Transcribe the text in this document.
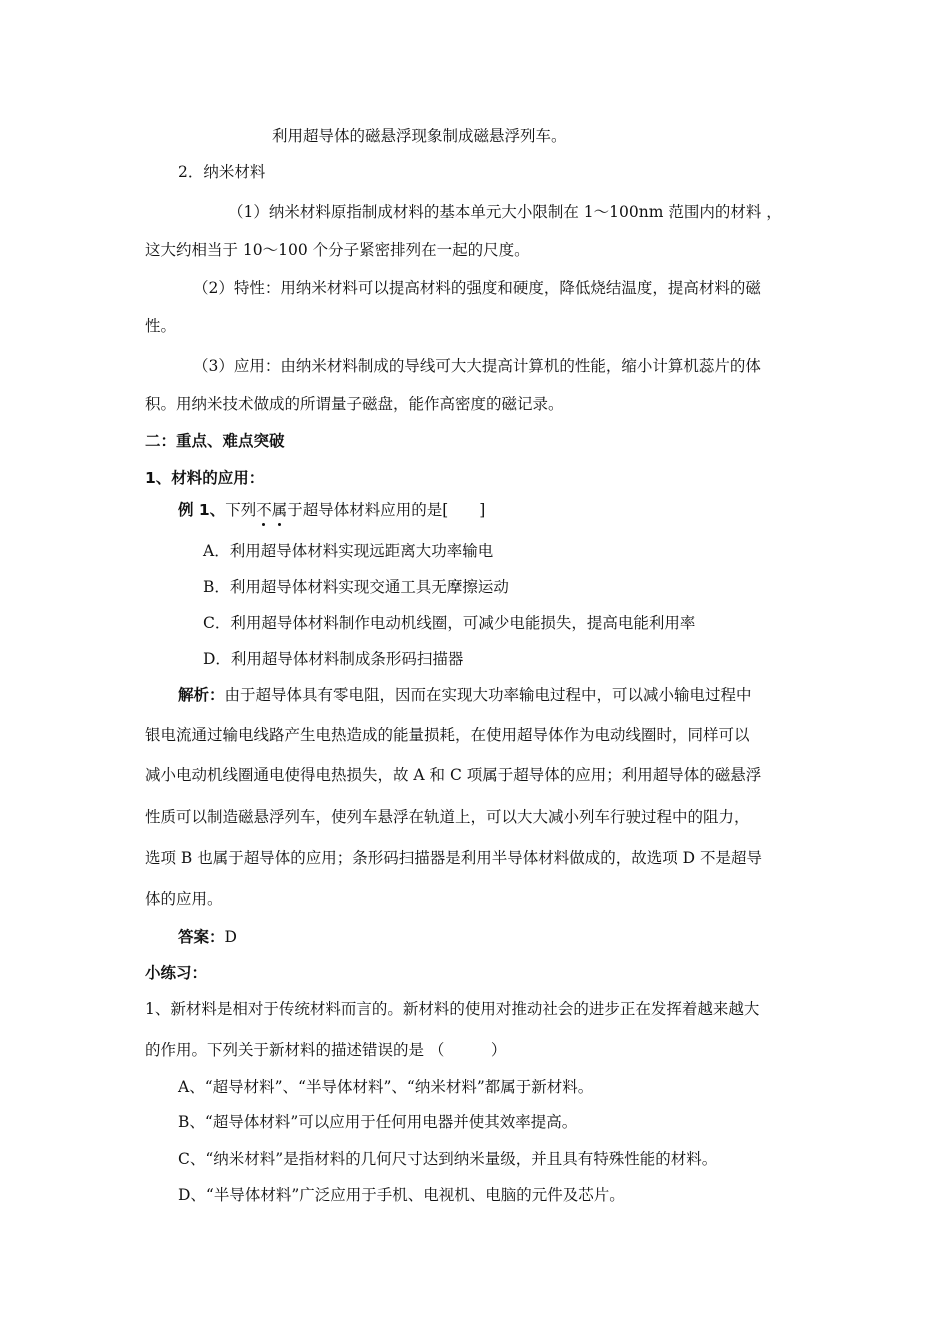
利用超导体的磁悬浮现象制成磁悬浮列车。
2．纳米材料
（1）纳米材料原指制成材料的基本单元大小限制在 1～100nm 范围内的材料 ，
这大约相当于 10～100 个分子紧密排列在一起的尺度。
（2）特性：用纳米材料可以提高材料的强度和硬度，降低烧结温度，提高材料的磁
性。
（3）应用：由纳米材料制成的导线可大大提高计算机的性能，缩小计算机蕊片的体
积。用纳米技术做成的所谓量子磁盘，能作高密度的磁记录。
二：重点、难点突破
1、材料的应用：
例 1、下列不属于超导体材料应用的是[　　]
A．利用超导体材料实现远距离大功率输电
B．利用超导体材料实现交通工具无摩擦运动
C．利用超导体材料制作电动机线圈，可减少电能损失，提高电能利用率
D．利用超导体材料制成条形码扫描器
解析：由于超导体具有零电阻，因而在实现大功率输电过程中，可以减小输电过程中
银电流通过输电线路产生电热造成的能量损耗，在使用超导体作为电动线圈时，同样可以
减小电动机线圈通电使得电热损失，故 A 和 C 项属于超导体的应用；利用超导体的磁悬浮
性质可以制造磁悬浮列车，使列车悬浮在轨道上，可以大大减小列车行驶过程中的阻力，
选项 B 也属于超导体的应用；条形码扫描器是利用半导体材料做成的，故选项 D 不是超导
体的应用。
答案：D
小练习：
1、新材料是相对于传统材料而言的。新材料的使用对推动社会的进步正在发挥着越来越大
的作用。下列关于新材料的描述错误的是 （　　　）
A、“超导材料”、“半导体材料”、“纳米材料”都属于新材料。
B、“超导体材料”可以应用于任何用电器并使其效率提高。
C、“纳米材料”是指材料的几何尺寸达到纳米量级，并且具有特殊性能的材料。
D、“半导体材料”广泛应用于手机、电视机、电脑的元件及芯片。
